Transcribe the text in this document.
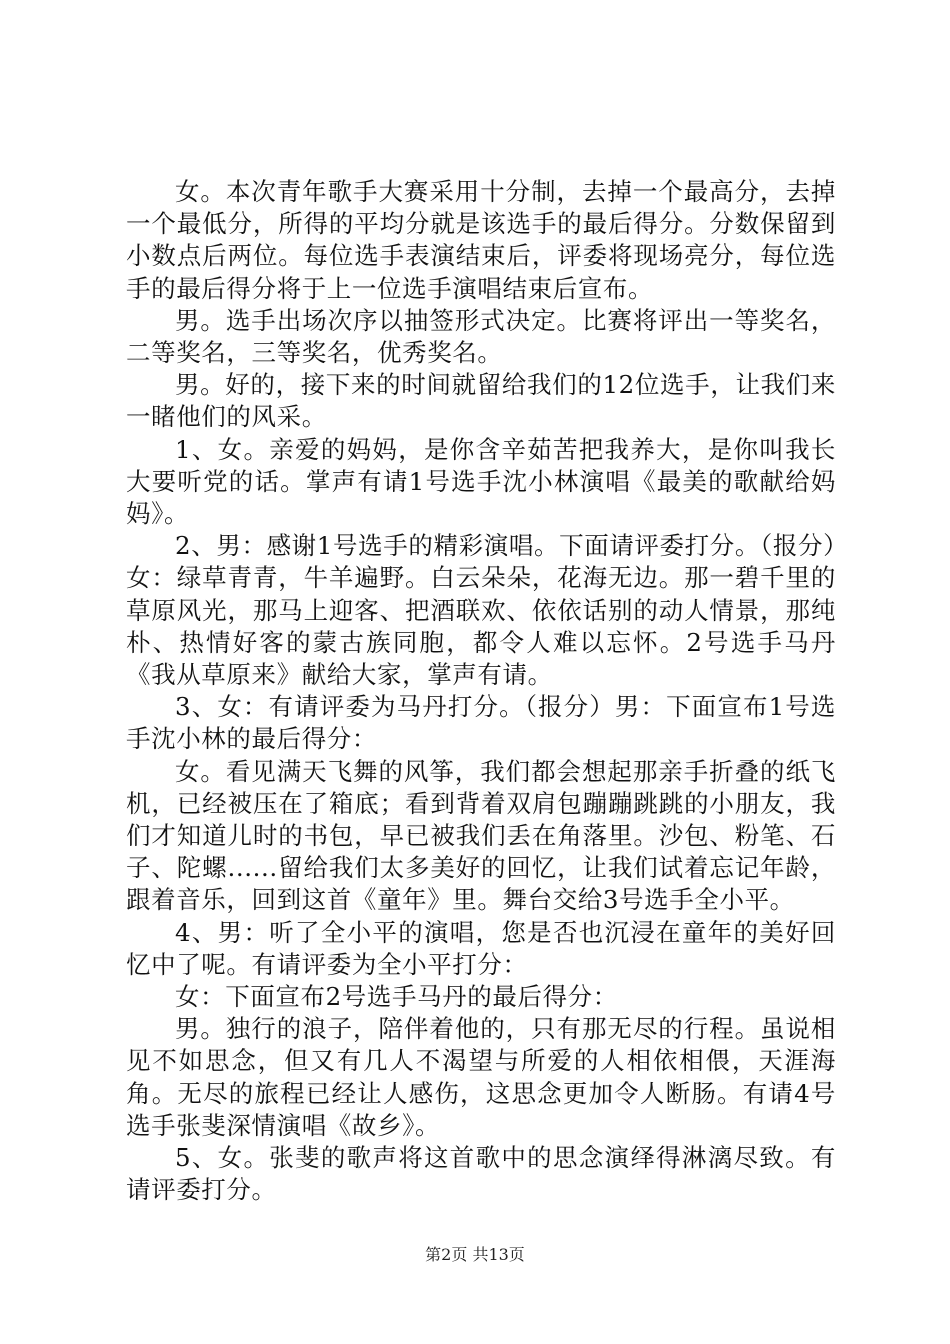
女。本次青年歌手大赛采用十分制，去掉一个最高分，去掉一个最低分，所得的平均分就是该选手的最后得分。分数保留到小数点后两位。每位选手表演结束后，评委将现场亮分，每位选手的最后得分将于上一位选手演唱结束后宣布。

男。选手出场次序以抽签形式决定。比赛将评出一等奖名，二等奖名，三等奖名，优秀奖名。

男。好的，接下来的时间就留给我们的12位选手，让我们来一睹他们的风采。

1、女。亲爱的妈妈，是你含辛茹苦把我养大，是你叫我长大要听党的话。掌声有请1号选手沈小林演唱《最美的歌献给妈妈》。

2、男：感谢1号选手的精彩演唱。下面请评委打分。（报分）女：绿草青青，牛羊遍野。白云朵朵，花海无边。那一碧千里的草原风光，那马上迎客、把酒联欢、依依话别的动人情景，那纯朴、热情好客的蒙古族同胞，都令人难以忘怀。2号选手马丹《我从草原来》献给大家，掌声有请。

3、女：有请评委为马丹打分。（报分）男：下面宣布1号选手沈小林的最后得分：

女。看见满天飞舞的风筝，我们都会想起那亲手折叠的纸飞机，已经被压在了箱底；看到背着双肩包蹦蹦跳跳的小朋友，我们才知道儿时的书包，早已被我们丢在角落里。沙包、粉笔、石子、陀螺......留给我们太多美好的回忆，让我们试着忘记年龄，跟着音乐，回到这首《童年》里。舞台交给3号选手全小平。

4、男：听了全小平的演唱，您是否也沉浸在童年的美好回忆中了呢。有请评委为全小平打分：

女：下面宣布2号选手马丹的最后得分：

男。独行的浪子，陪伴着他的，只有那无尽的行程。虽说相见不如思念，但又有几人不渴望与所爱的人相依相偎，天涯海角。无尽的旅程已经让人感伤，这思念更加令人断肠。有请4号选手张斐深情演唱《故乡》。

5、女。张斐的歌声将这首歌中的思念演绎得淋漓尽致。有请评委打分。

第2页 共13页
